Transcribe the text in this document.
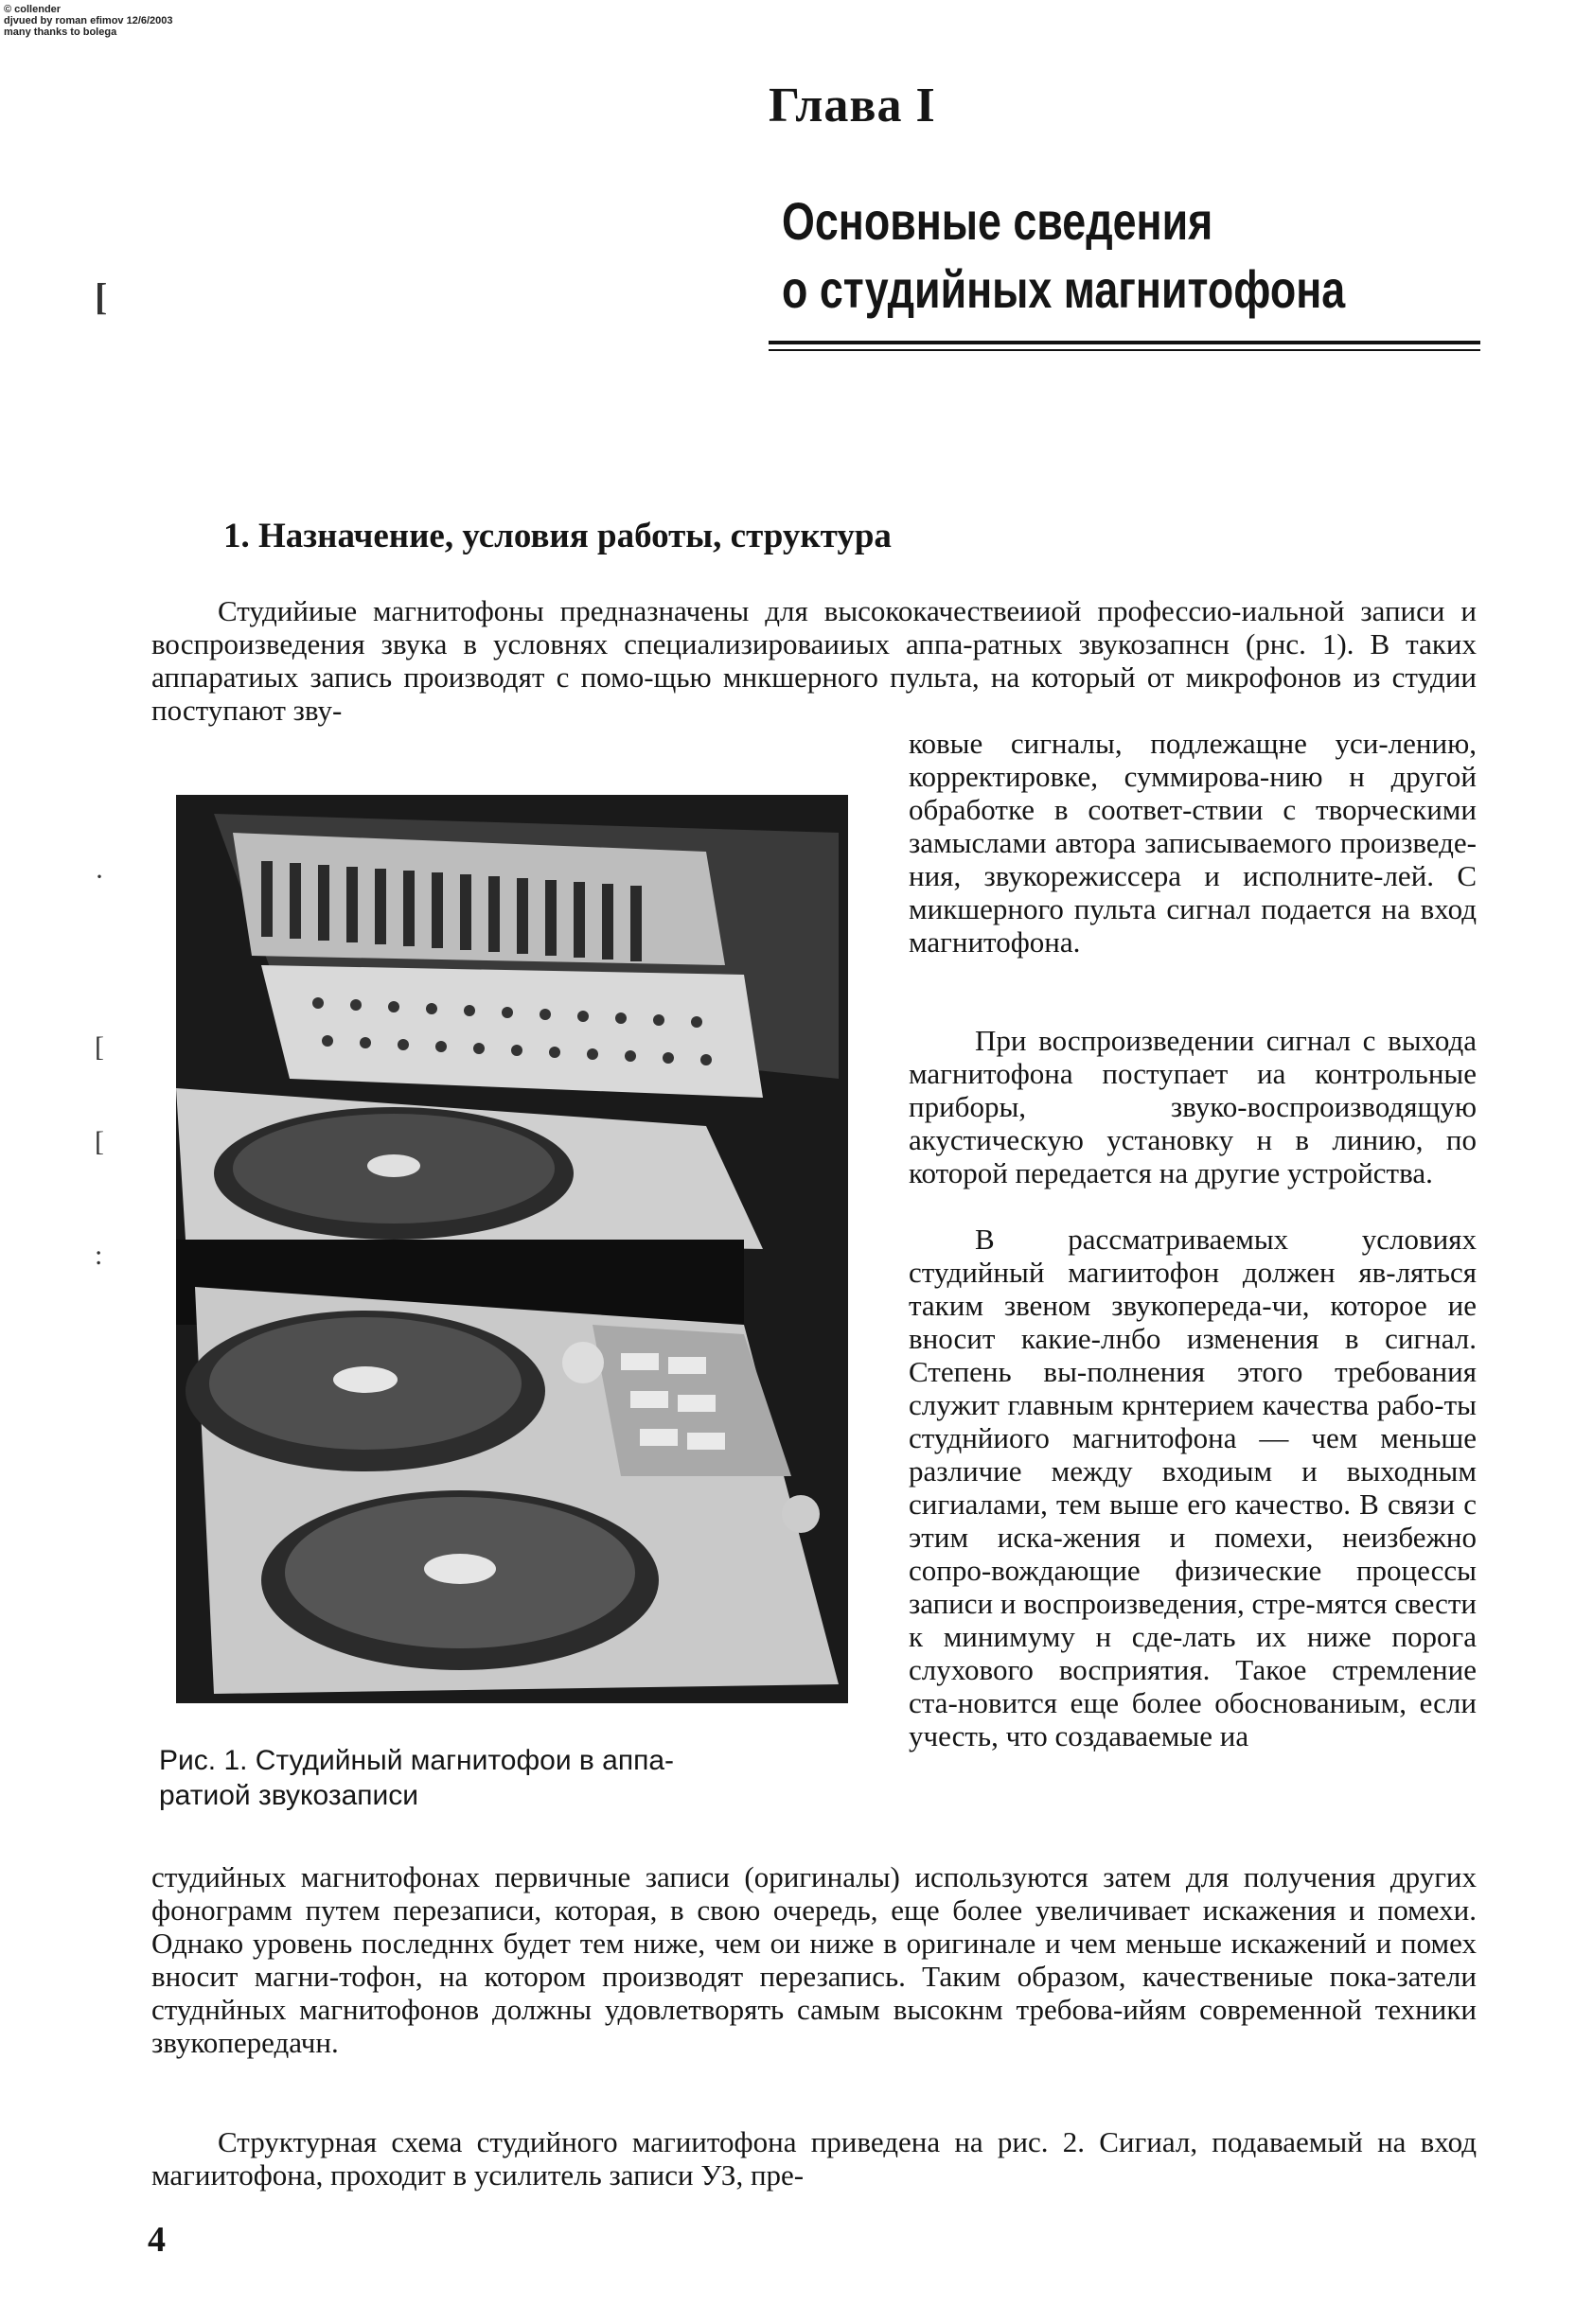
© collender
djvued by roman efimov 12/6/2003
many thanks to bolega
[
·
[
[
:
Глава I
Основные сведения
о студийных магнитофона
1. Назначение, условия работы, структура
Студийиые магнитофоны предназначены для высококачествеииой профессио-иальной записи и воспроизведения звука в условнях специализироваииых аппа-ратных звукозапнсн (рнс. 1). В таких аппаратиых запись производят с помо-щью мнкшерного пульта, на который от микрофонов из студии поступают зву-
ковые сигналы, подлежащне уси-лению, корректировке, суммирова-нию н другой обработке в соответ-ствии с творческими замыслами автора записываемого произведе-ния, звукорежиссера и исполните-лей. С микшерного пульта сигнал подается на вход магнитофона.
При воспроизведении сигнал с выхода магнитофона поступает иа контрольные приборы, звуко-воспроизводящую акустическую установку н в линию, по которой передается на другие устройства.
В рассматриваемых условиях студийный магиитофон должен яв-ляться таким звеном звукопереда-чи, которое ие вносит какие-лнбо изменения в сигнал. Степень вы-полнения этого требования служит главным крнтерием качества рабо-ты студнйиого магнитофона — чем меньше различие между входиым и выходным сигиалами, тем выше его качество. В связи с этим иска-жения и помехи, неизбежно сопро-вождающие физические процессы записи и воспроизведения, стре-мятся свести к минимуму н сде-лать их ниже порога слухового восприятия. Такое стремление ста-новится еще более обоснованиым, если учесть, что создаваемые иа
Рис. 1. Студийный магнитофои в аппа-
ратиой звукозаписи
студийных магнитофонах первичные записи (оригиналы) используются затем для получения других фонограмм путем перезаписи, которая, в свою очередь, еще более увеличивает искажения и помехи. Однако уровень последннх будет тем ниже, чем ои ниже в оригинале и чем меньше искажений и помех вносит магни-тофон, на котором производят перезапись. Таким образом, качествениые пока-затели студнйных магнитофонов должны удовлетворять самым высокнм требова-ийям современной техники звукопередачн.
Структурная схема студийного магиитофона приведена на рис. 2. Сигиал, подаваемый на вход магиитофона, проходит в усилитель записи УЗ, пре-
4
